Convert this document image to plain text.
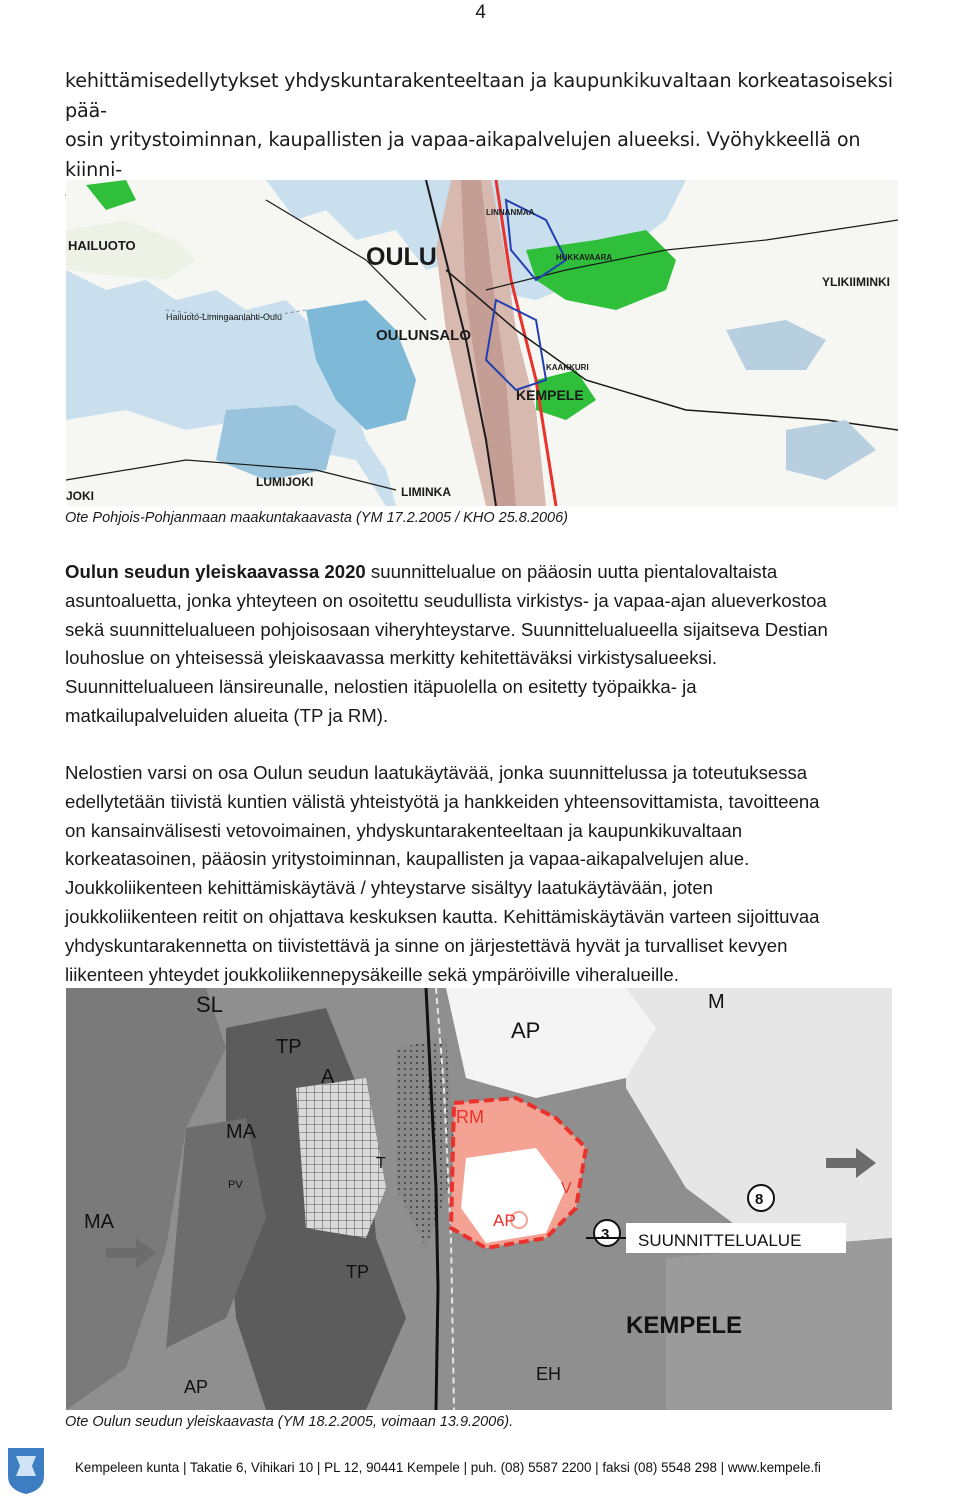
4

kehittämisedellytykset yhdyskuntarakenteeltaan ja kaupunkikuvaltaan korkeatasoiseksi pää-
osin yritystoiminnan, kaupallisten ja vapaa-aikapalvelujen alueeksi. Vyöhykkeellä on kiinni-

HAILUOTO	OULU
OULUNSALO
KEMPELE
LUMIJOKI
LIMINKA
YLIKIIMINKI
Hailuoto-Limingaanlahti-Oulu
LINNANMAA
HUKKAVAARA
KAAKKURI
JOKI
Ote Pohjois-Pohjanmaan maakuntakaavasta (YM 17.2.2005 / KHO 25.8.2006)

Oulun seudun yleiskaavassa 2020 suunnittelualue on pääosin uutta pientalovaltaista
asuntoaluetta, jonka yhteyteen on osoitettu seudullista virkistys- ja vapaa-ajan alueverkostoa
sekä suunnittelualueen pohjoisosaan viheryhteystarve. Suunnittelualueella sijaitseva Destian
louhoslue on yhteisessä yleiskaavassa merkitty kehitettäväksi virkistysalueeksi.
Suunnittelualueen länsireunalle, nelostien itäpuolella on esitetty työpaikka- ja
matkailupalveluiden alueita (TP ja RM).

Nelostien varsi on osa Oulun seudun laatukäytävää, jonka suunnittelussa ja toteutuksessa
edellytetään tiivistä kuntien välistä yhteistyötä ja hankkeiden yhteensovittamista, tavoitteena
on kansainvälisesti vetovoimainen, yhdyskuntarakenteeltaan ja kaupunkikuvaltaan
korkeatasoinen, pääosin yritystoiminnan, kaupallisten ja vapaa-aikapalvelujen alue.
Joukkoliikenteen kehittämiskäytävä / yhteystarve sisältyy laatukäytävään, joten
joukkoliikenteen reitit on ohjattava keskuksen kautta. Kehittämiskäytävän varteen sijoittuvaa
yhdyskuntarakennetta on tiivistettävä ja sinne on järjestettävä hyvät ja turvalliset kevyen
liikenteen yhteydet joukkoliikennepysäkeille sekä ympäröiville viheralueille.

SL
TP
AP
M
A
MA
PV
RM
V
AP
TP
T
MA
SUUNNITTELUALUE
KEMPELE
EH
AP
8
3
Ote Oulun seudun yleiskaavasta (YM 18.2.2005, voimaan 13.9.2006).
Kempeleen kunta | Takatie 6, Vihikari 10 | PL 12, 90441 Kempele | puh. (08) 5587 2200 | faksi (08) 5548 298 | www.kempele.fi
